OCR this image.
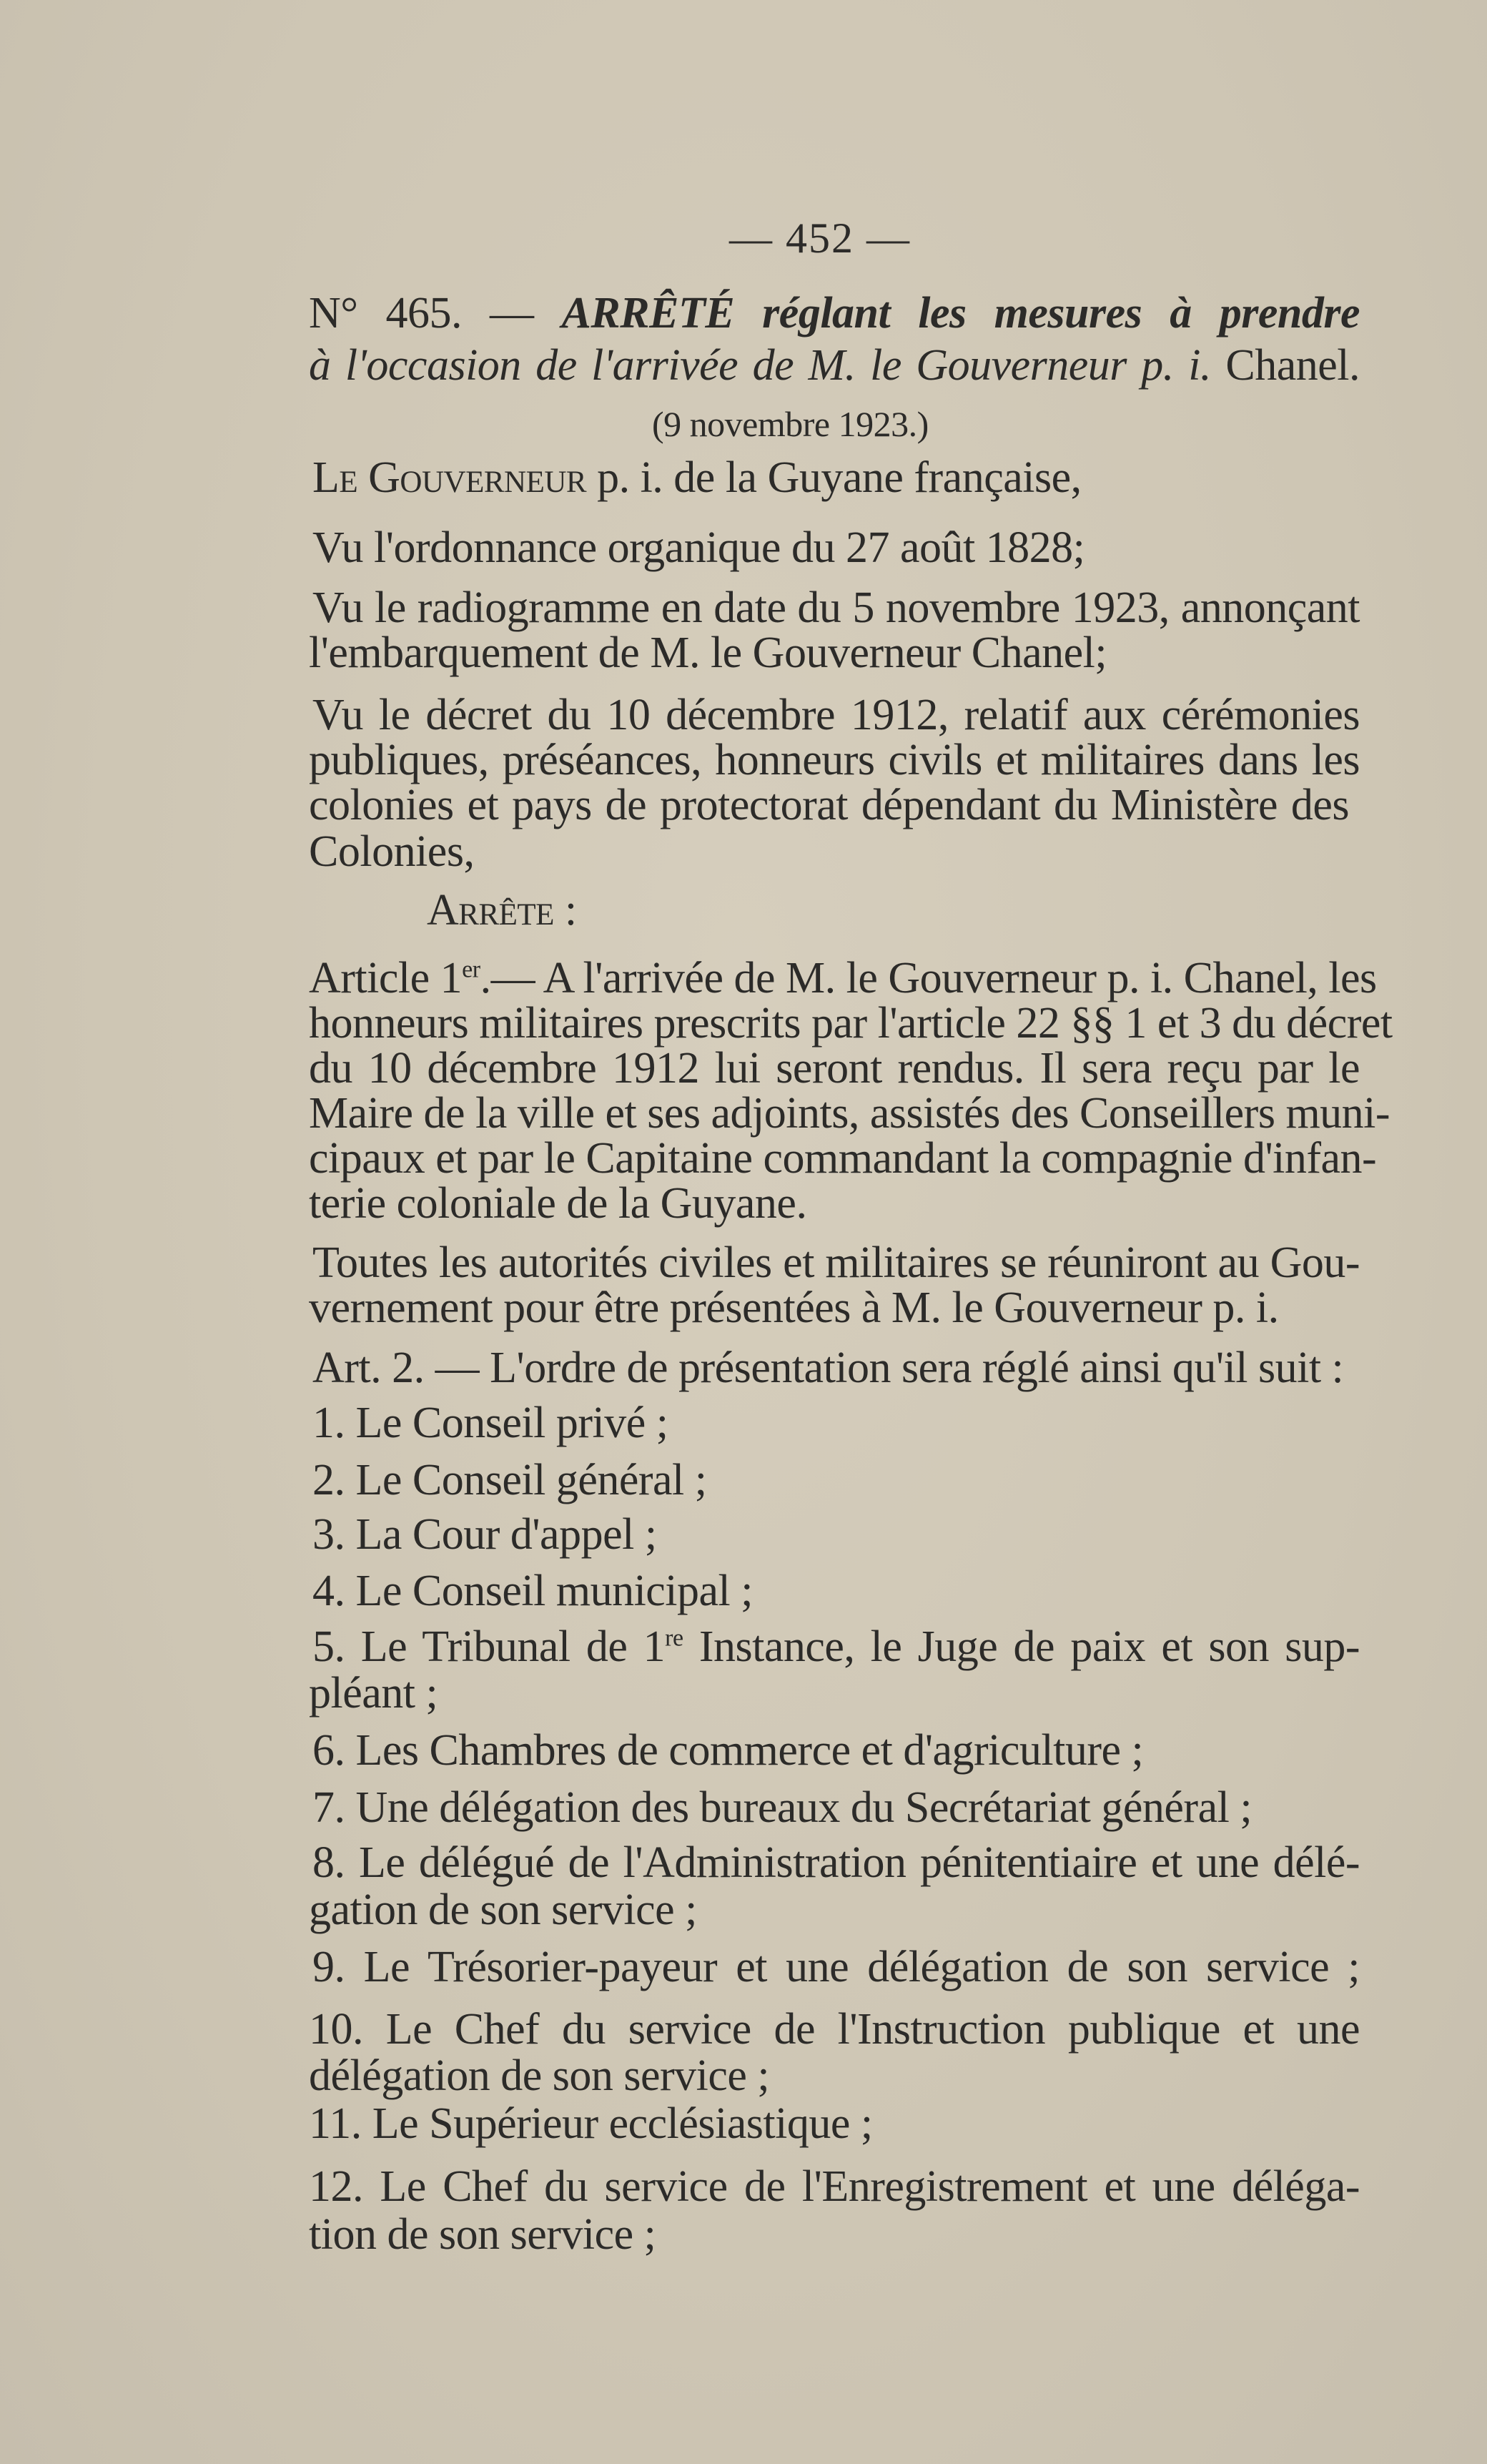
— 452 —
N° 465. — ARRÊTÉ réglant les mesures à prendre
à l'occasion de l'arrivée de M. le Gouverneur p. i. Chanel.
(9 novembre 1923.)
Le Gouverneur p. i. de la Guyane française,
Vu l'ordonnance organique du 27 août 1828;
Vu le radiogramme en date du 5 novembre 1923, annonçant
l'embarquement de M. le Gouverneur Chanel;
Vu le décret du 10 décembre 1912, relatif aux cérémonies
publiques, préséances, honneurs civils et militaires dans les
colonies et pays de protectorat dépendant du Ministère des
Colonies,
Arrête :
Article 1er.— A l'arrivée de M. le Gouverneur p. i. Chanel, les
honneurs militaires prescrits par l'article 22 §§ 1 et 3 du décret
du 10 décembre 1912 lui seront rendus. Il sera reçu par le
Maire de la ville et ses adjoints, assistés des Conseillers muni-
cipaux et par le Capitaine commandant la compagnie d'infan-
terie coloniale de la Guyane.
Toutes les autorités civiles et militaires se réuniront au Gou-
vernement pour être présentées à M. le Gouverneur p. i.
Art. 2. — L'ordre de présentation sera réglé ainsi qu'il suit :
1. Le Conseil privé ;
2. Le Conseil général ;
3. La Cour d'appel ;
4. Le Conseil municipal ;
5. Le Tribunal de 1re Instance, le Juge de paix et son sup-
pléant ;
6. Les Chambres de commerce et d'agriculture ;
7. Une délégation des bureaux du Secrétariat général ;
8. Le délégué de l'Administration pénitentiaire et une délé-
gation de son service ;
9. Le Trésorier-payeur et une délégation de son service ;
10. Le Chef du service de l'Instruction publique et une
délégation de son service ;
11. Le Supérieur ecclésiastique ;
12. Le Chef du service de l'Enregistrement et une déléga-
tion de son service ;
